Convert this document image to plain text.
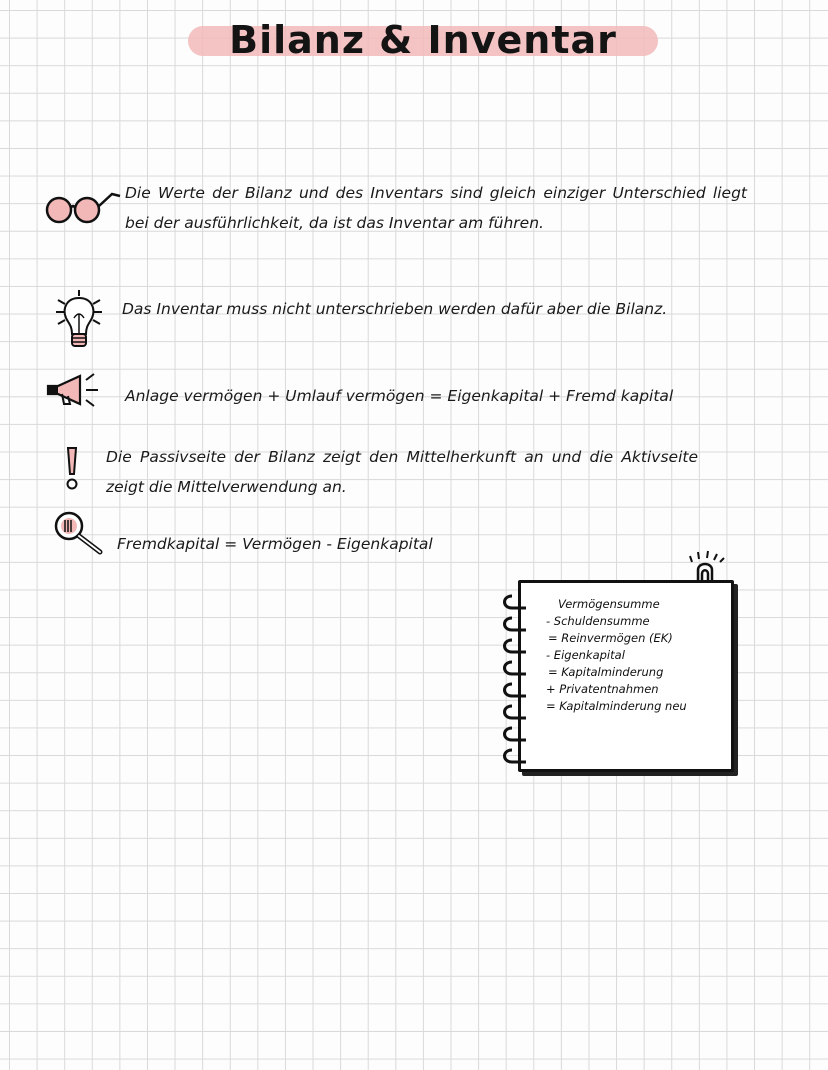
Bilanz & Inventar
Die Werte der Bilanz und des Inventars sind gleich einziger Unterschied liegt bei der ausführlichkeit, da ist das Inventar am führen.
Das Inventar muss nicht unterschrieben werden dafür aber die Bilanz.
Anlage vermögen + Umlauf vermögen = Eigenkapital + Fremd kapital
Die Passivseite der Bilanz zeigt den Mittelherkunft an und die Aktivseite zeigt die Mittelverwendung an.
Fremdkapital = Vermögen - Eigenkapital
Vermögensumme
- Schuldensumme
= Reinvermögen (EK)
- Eigenkapital
= Kapitalminderung
+ Privatentnahmen
= Kapitalminderung neu
